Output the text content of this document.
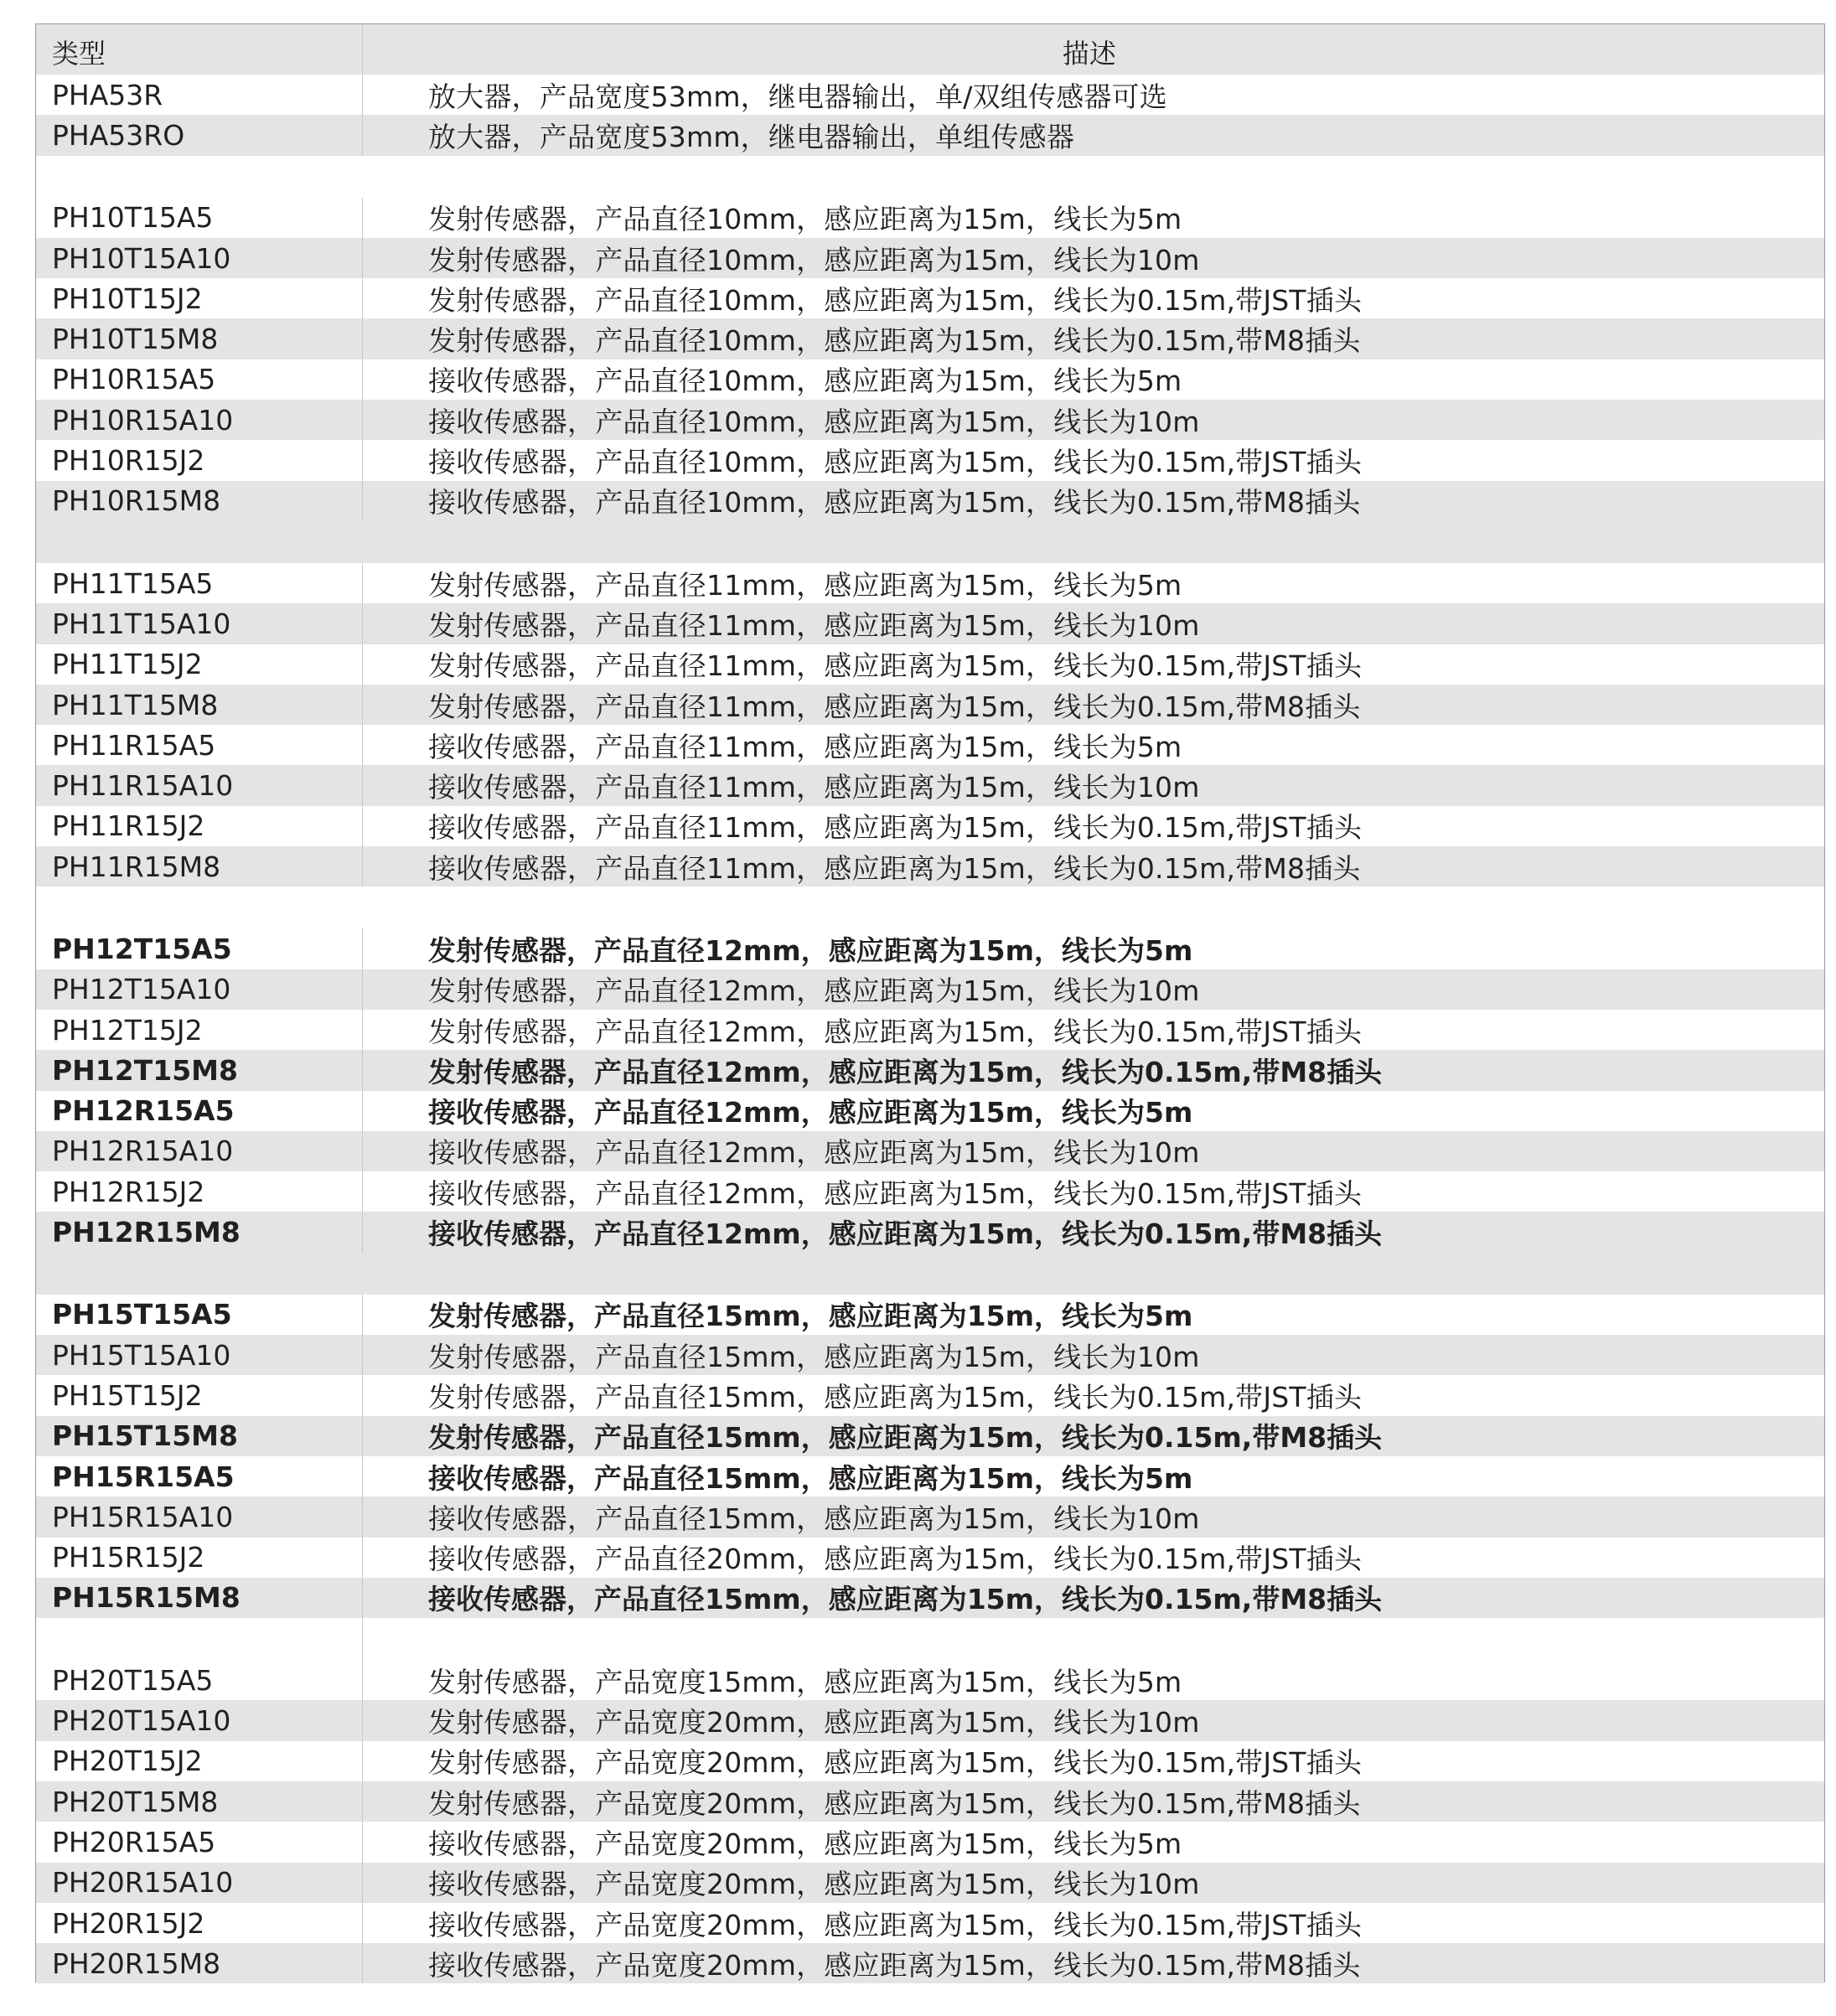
类型	描述
PHA53R	放大器，产品宽度53mm，继电器输出，单/双组传感器可选
PHA53RO	放大器，产品宽度53mm，继电器输出，单组传感器
PH10T15A5	发射传感器，产品直径10mm，感应距离为15m，线长为5m
PH10T15A10	发射传感器，产品直径10mm，感应距离为15m，线长为10m
PH10T15J2	发射传感器，产品直径10mm，感应距离为15m，线长为0.15m,带JST插头
PH10T15M8	发射传感器，产品直径10mm，感应距离为15m，线长为0.15m,带M8插头
PH10R15A5	接收传感器，产品直径10mm，感应距离为15m，线长为5m
PH10R15A10	接收传感器，产品直径10mm，感应距离为15m，线长为10m
PH10R15J2	接收传感器，产品直径10mm，感应距离为15m，线长为0.15m,带JST插头
PH10R15M8	接收传感器，产品直径10mm，感应距离为15m，线长为0.15m,带M8插头
PH11T15A5	发射传感器，产品直径11mm，感应距离为15m，线长为5m
PH11T15A10	发射传感器，产品直径11mm，感应距离为15m，线长为10m
PH11T15J2	发射传感器，产品直径11mm，感应距离为15m，线长为0.15m,带JST插头
PH11T15M8	发射传感器，产品直径11mm，感应距离为15m，线长为0.15m,带M8插头
PH11R15A5	接收传感器，产品直径11mm，感应距离为15m，线长为5m
PH11R15A10	接收传感器，产品直径11mm，感应距离为15m，线长为10m
PH11R15J2	接收传感器，产品直径11mm，感应距离为15m，线长为0.15m,带JST插头
PH11R15M8	接收传感器，产品直径11mm，感应距离为15m，线长为0.15m,带M8插头
PH12T15A5	发射传感器，产品直径12mm，感应距离为15m，线长为5m
PH12T15A10	发射传感器，产品直径12mm，感应距离为15m，线长为10m
PH12T15J2	发射传感器，产品直径12mm，感应距离为15m，线长为0.15m,带JST插头
PH12T15M8	发射传感器，产品直径12mm，感应距离为15m，线长为0.15m,带M8插头
PH12R15A5	接收传感器，产品直径12mm，感应距离为15m，线长为5m
PH12R15A10	接收传感器，产品直径12mm，感应距离为15m，线长为10m
PH12R15J2	接收传感器，产品直径12mm，感应距离为15m，线长为0.15m,带JST插头
PH12R15M8	接收传感器，产品直径12mm，感应距离为15m，线长为0.15m,带M8插头
PH15T15A5	发射传感器，产品直径15mm，感应距离为15m，线长为5m
PH15T15A10	发射传感器，产品直径15mm，感应距离为15m，线长为10m
PH15T15J2	发射传感器，产品直径15mm，感应距离为15m，线长为0.15m,带JST插头
PH15T15M8	发射传感器，产品直径15mm，感应距离为15m，线长为0.15m,带M8插头
PH15R15A5	接收传感器，产品直径15mm，感应距离为15m，线长为5m
PH15R15A10	接收传感器，产品直径15mm，感应距离为15m，线长为10m
PH15R15J2	接收传感器，产品直径20mm，感应距离为15m，线长为0.15m,带JST插头
PH15R15M8	接收传感器，产品直径15mm，感应距离为15m，线长为0.15m,带M8插头
PH20T15A5	发射传感器，产品宽度15mm，感应距离为15m，线长为5m
PH20T15A10	发射传感器，产品宽度20mm，感应距离为15m，线长为10m
PH20T15J2	发射传感器，产品宽度20mm，感应距离为15m，线长为0.15m,带JST插头
PH20T15M8	发射传感器，产品宽度20mm，感应距离为15m，线长为0.15m,带M8插头
PH20R15A5	接收传感器，产品宽度20mm，感应距离为15m，线长为5m
PH20R15A10	接收传感器，产品宽度20mm，感应距离为15m，线长为10m
PH20R15J2	接收传感器，产品宽度20mm，感应距离为15m，线长为0.15m,带JST插头
PH20R15M8	接收传感器，产品宽度20mm，感应距离为15m，线长为0.15m,带M8插头
